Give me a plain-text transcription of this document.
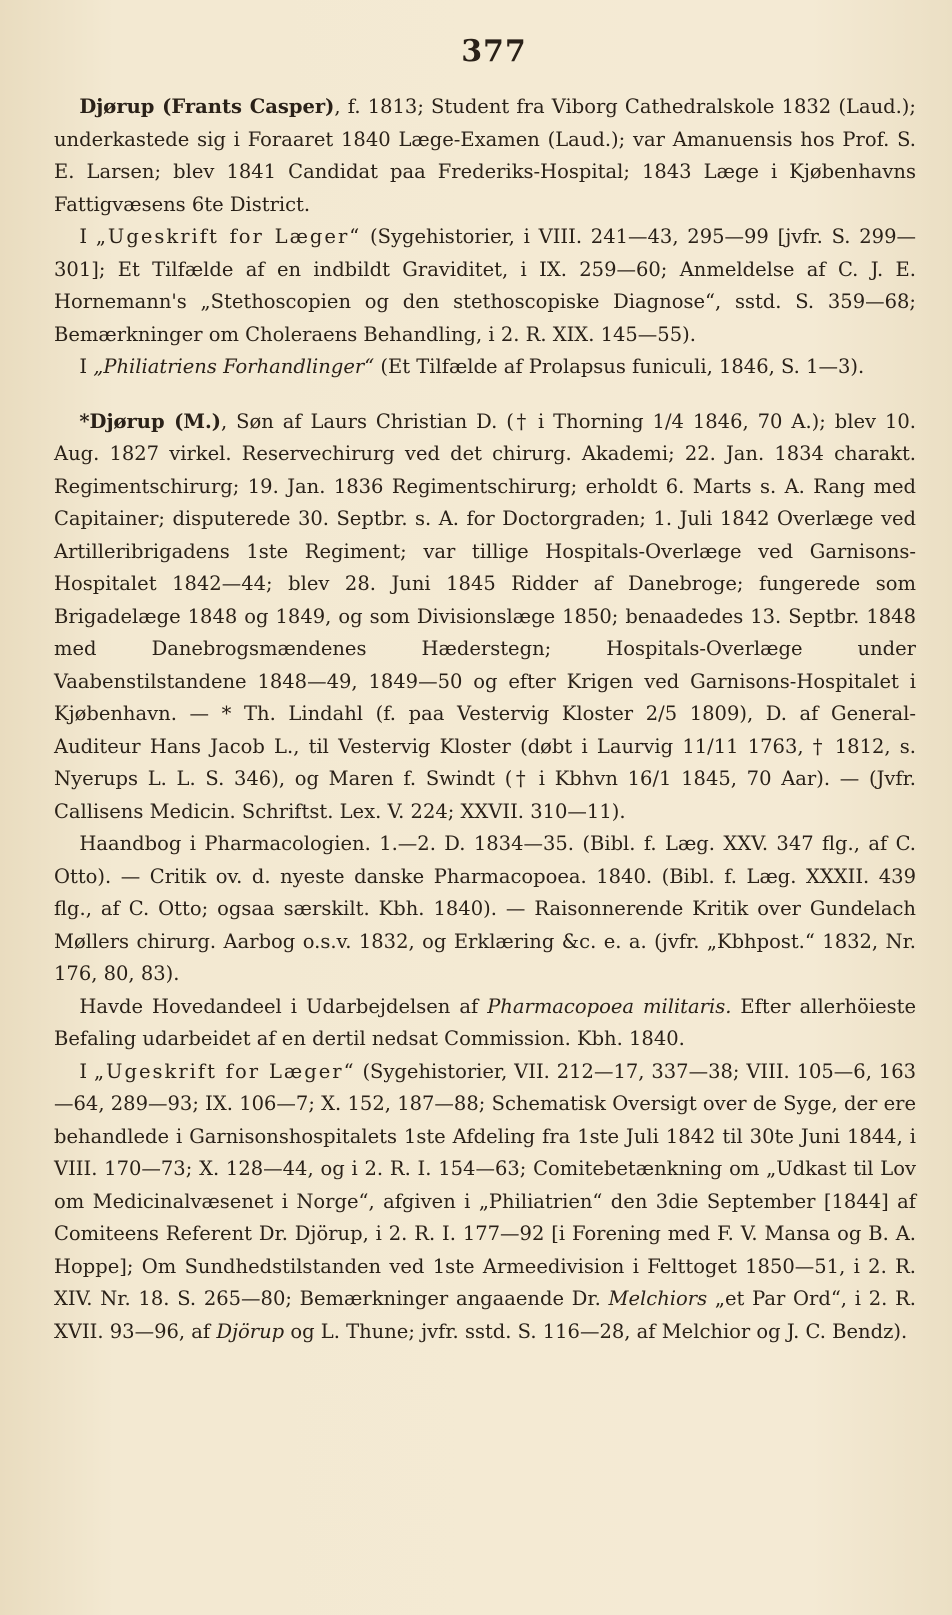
377

Djørup (Frants Casper), f. 1813; Student fra Viborg Cathedralskole 1832 (Laud.); underkastede sig i Foraaret 1840 Læge-Examen (Laud.); var Amanuensis hos Prof. S. E. Larsen; blev 1841 Candidat paa Frederiks-Hospital; 1843 Læge i Kjøbenhavns Fattigvæsens 6te District.

I „Ugeskrift for Læger“ (Sygehistorier, i VIII. 241—43, 295—99 [jvfr. S. 299—301]; Et Tilfælde af en indbildt Graviditet, i IX. 259—60; Anmeldelse af C. J. E. Hornemann's „Stethoscopien og den stethoscopiske Diagnose“, sstd. S. 359—68; Bemærkninger om Choleraens Behandling, i 2. R. XIX. 145—55).

I „Philiatriens Forhandlinger“ (Et Tilfælde af Prolapsus funiculi, 1846, S. 1—3).

*Djørup (M.), Søn af Laurs Christian D. († i Thorning 1/4 1846, 70 A.); blev 10. Aug. 1827 virkel. Reservechirurg ved det chirurg. Akademi; 22. Jan. 1834 charakt. Regimentschirurg; 19. Jan. 1836 Regimentschirurg; erholdt 6. Marts s. A. Rang med Capitainer; disputerede 30. Septbr. s. A. for Doctorgraden; 1. Juli 1842 Overlæge ved Artilleribrigadens 1ste Regiment; var tillige Hospitals-Overlæge ved Garnisons-Hospitalet 1842—44; blev 28. Juni 1845 Ridder af Danebroge; fungerede som Brigadelæge 1848 og 1849, og som Divisionslæge 1850; benaadedes 13. Septbr. 1848 med Danebrogsmændenes Hæderstegn; Hospitals-Overlæge under Vaabenstilstandene 1848—49, 1849—50 og efter Krigen ved Garnisons-Hospitalet i Kjøbenhavn. — * Th. Lindahl (f. paa Vestervig Kloster 2/5 1809), D. af General-Auditeur Hans Jacob L., til Vestervig Kloster (døbt i Laurvig 11/11 1763, † 1812, s. Nyerups L. L. S. 346), og Maren f. Swindt († i Kbhvn 16/1 1845, 70 Aar). — (Jvfr. Callisens Medicin. Schriftst. Lex. V. 224; XXVII. 310—11).

Haandbog i Pharmacologien. 1.—2. D. 1834—35. (Bibl. f. Læg. XXV. 347 flg., af C. Otto). — Critik ov. d. nyeste danske Pharmacopoea. 1840. (Bibl. f. Læg. XXXII. 439 flg., af C. Otto; ogsaa særskilt. Kbh. 1840). — Raisonnerende Kritik over Gundelach Møllers chirurg. Aarbog o.s.v. 1832, og Erklæring &c. e. a. (jvfr. „Kbhpost.“ 1832, Nr. 176, 80, 83).

Havde Hovedandeel i Udarbejdelsen af Pharmacopoea militaris. Efter allerhöieste Befaling udarbeidet af en dertil nedsat Commission. Kbh. 1840.

I „Ugeskrift for Læger“ (Sygehistorier, VII. 212—17, 337—38; VIII. 105—6, 163—64, 289—93; IX. 106—7; X. 152, 187—88; Schematisk Oversigt over de Syge, der ere behandlede i Garnisonshospitalets 1ste Afdeling fra 1ste Juli 1842 til 30te Juni 1844, i VIII. 170—73; X. 128—44, og i 2. R. I. 154—63; Comitebetænkning om „Udkast til Lov om Medicinalvæsenet i Norge“, afgiven i „Philiatrien“ den 3die September [1844] af Comiteens Referent Dr. Djörup, i 2. R. I. 177—92 [i Forening med F. V. Mansa og B. A. Hoppe]; Om Sundhedstilstanden ved 1ste Armeedivision i Felttoget 1850—51, i 2. R. XIV. Nr. 18. S. 265—80; Bemærkninger angaaende Dr. Melchiors „et Par Ord“, i 2. R. XVII. 93—96, af Djörup og L. Thune; jvfr. sstd. S. 116—28, af Melchior og J. C. Bendz).
